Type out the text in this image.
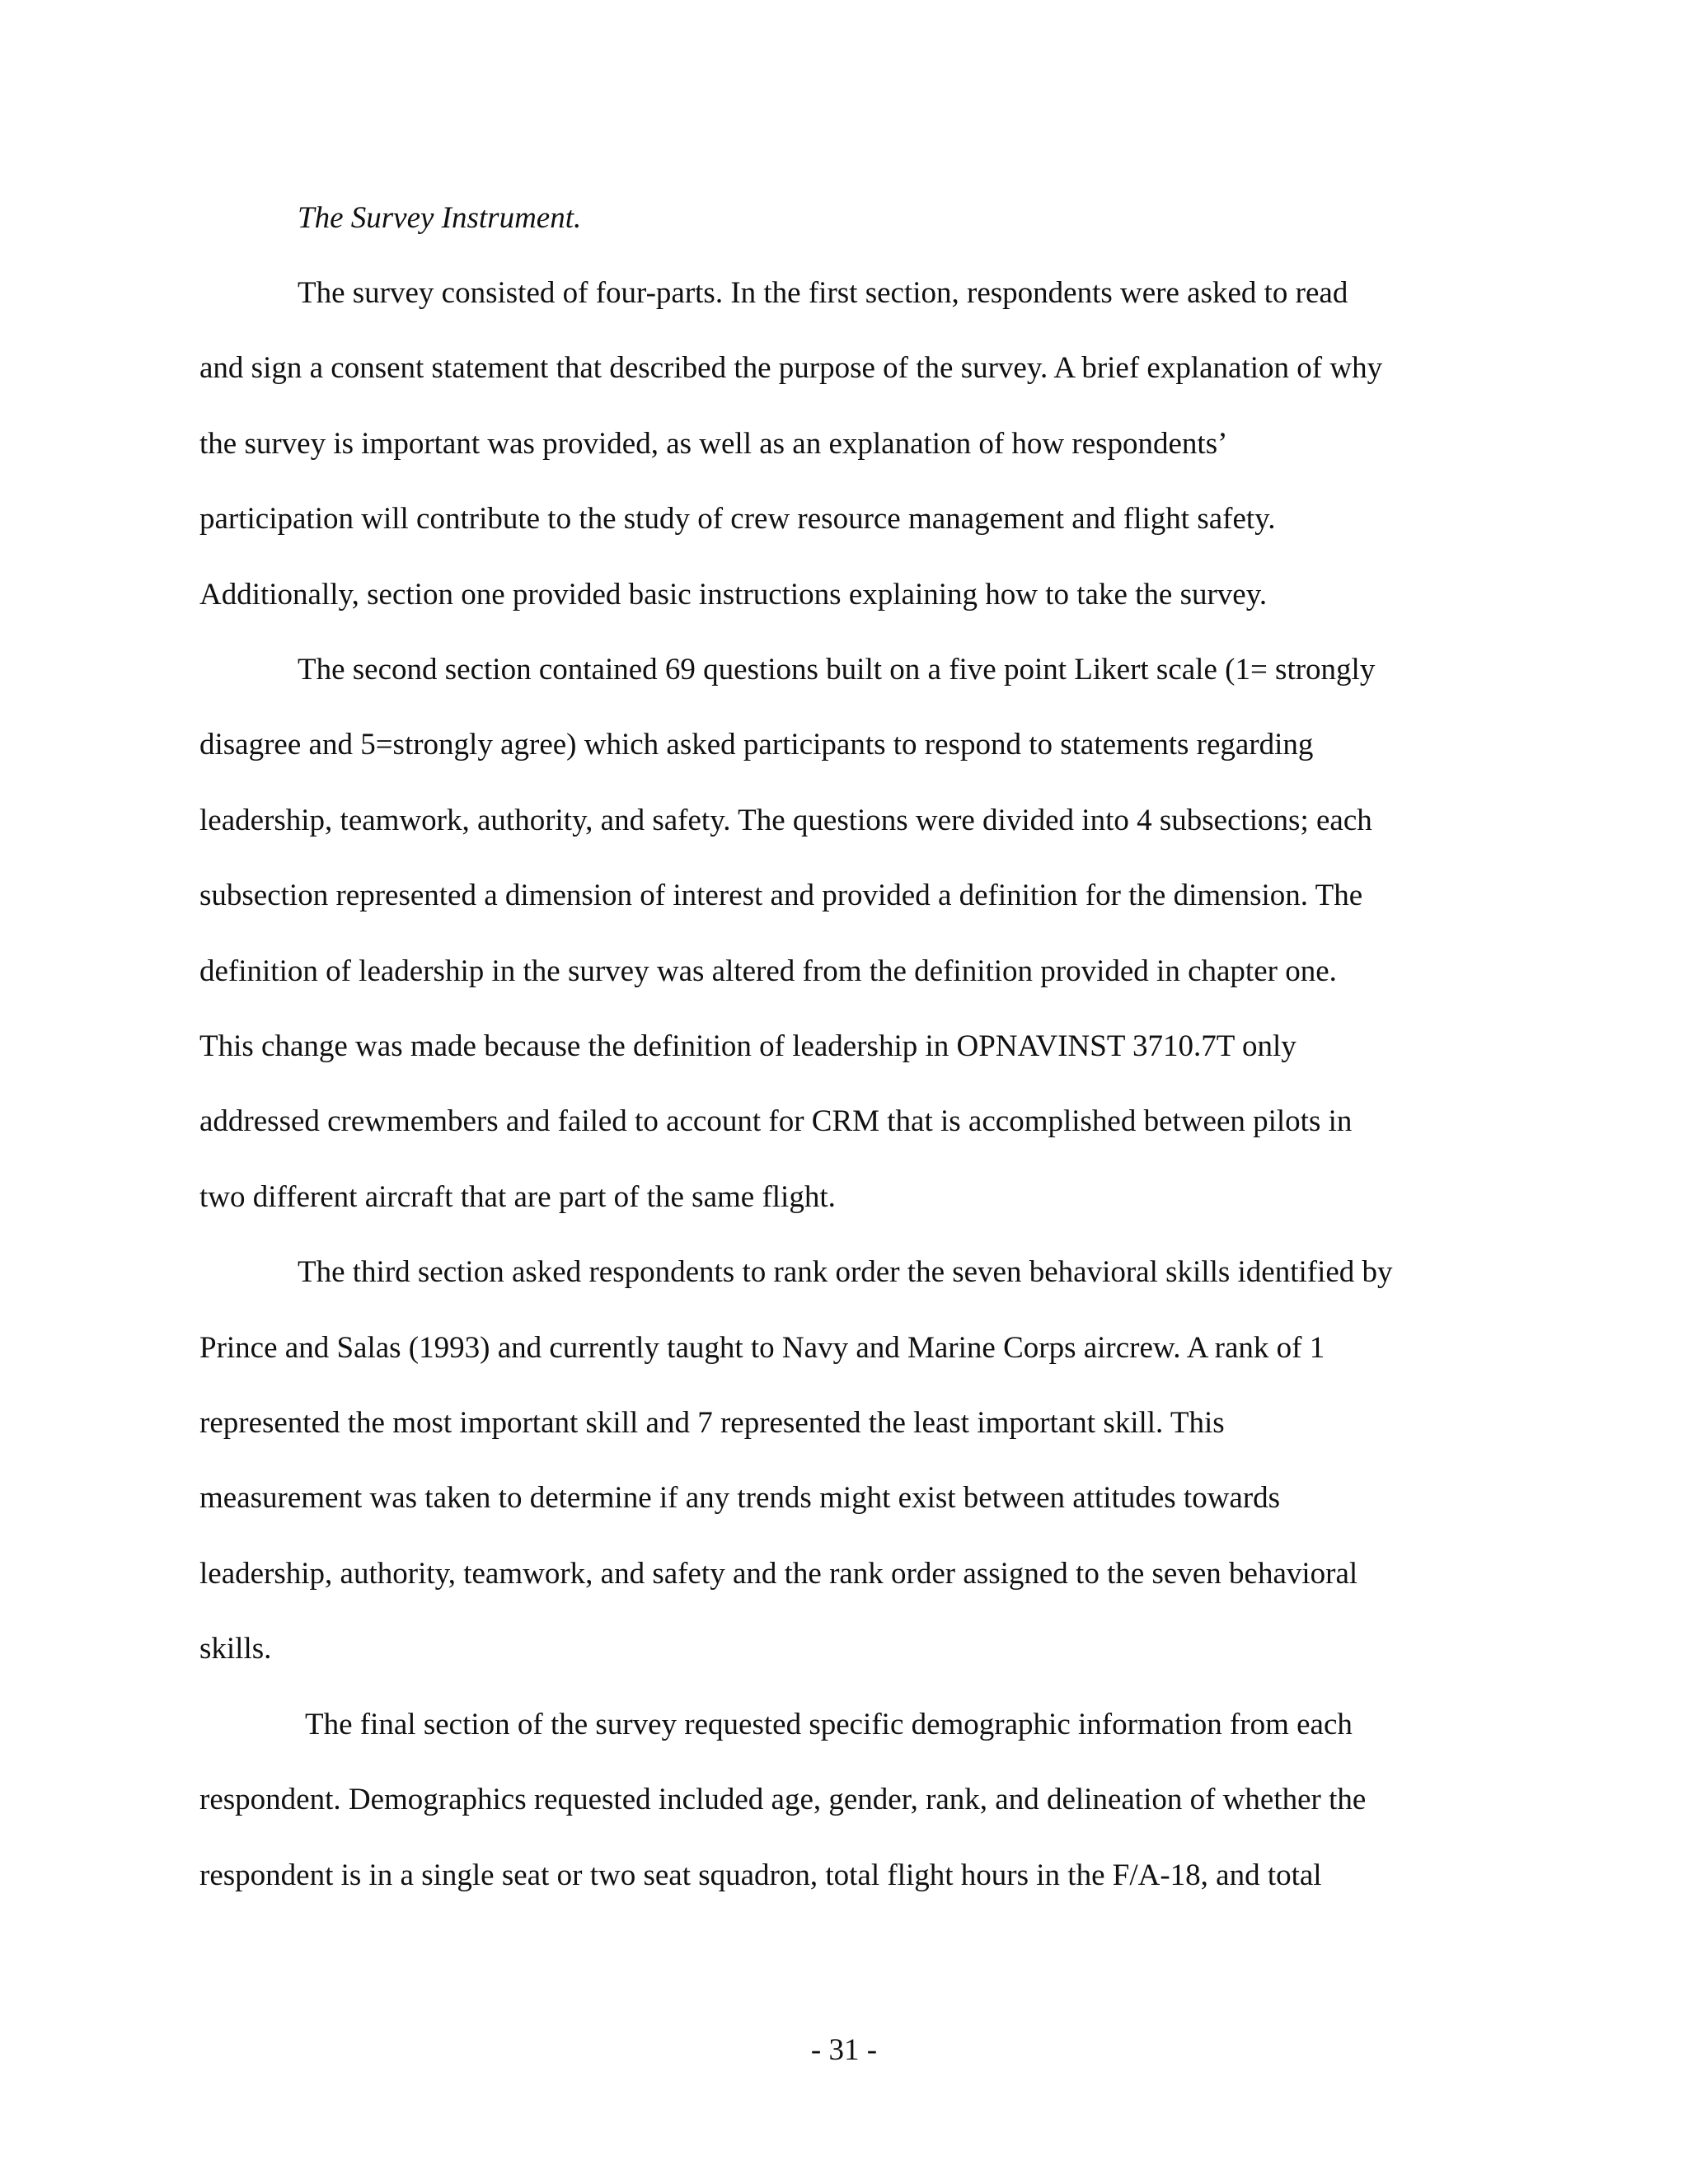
The Survey Instrument.

The survey consisted of four-parts. In the first section, respondents were asked to read

and sign a consent statement that described the purpose of the survey. A brief explanation of why

the survey is important was provided, as well as an explanation of how respondents’

participation will contribute to the study of crew resource management and flight safety.

Additionally, section one provided basic instructions explaining how to take the survey.

The second section contained 69 questions built on a five point Likert scale (1= strongly

disagree and 5=strongly agree) which asked participants to respond to statements regarding

leadership, teamwork, authority, and safety. The questions were divided into 4 subsections; each

subsection represented a dimension of interest and provided a definition for the dimension. The

definition of leadership in the survey was altered from the definition provided in chapter one.

This change was made because the definition of leadership in OPNAVINST 3710.7T only

addressed crewmembers and failed to account for CRM that is accomplished between pilots in

two different aircraft that are part of the same flight.

The third section asked respondents to rank order the seven behavioral skills identified by

Prince and Salas (1993) and currently taught to Navy and Marine Corps aircrew. A rank of 1

represented the most important skill and 7 represented the least important skill. This

measurement was taken to determine if any trends might exist between attitudes towards

leadership, authority, teamwork, and safety and the rank order assigned to the seven behavioral

skills.

The final section of the survey requested specific demographic information from each

respondent. Demographics requested included age, gender, rank, and delineation of whether the

respondent is in a single seat or two seat squadron, total flight hours in the F/A-18, and total

- 31 -
